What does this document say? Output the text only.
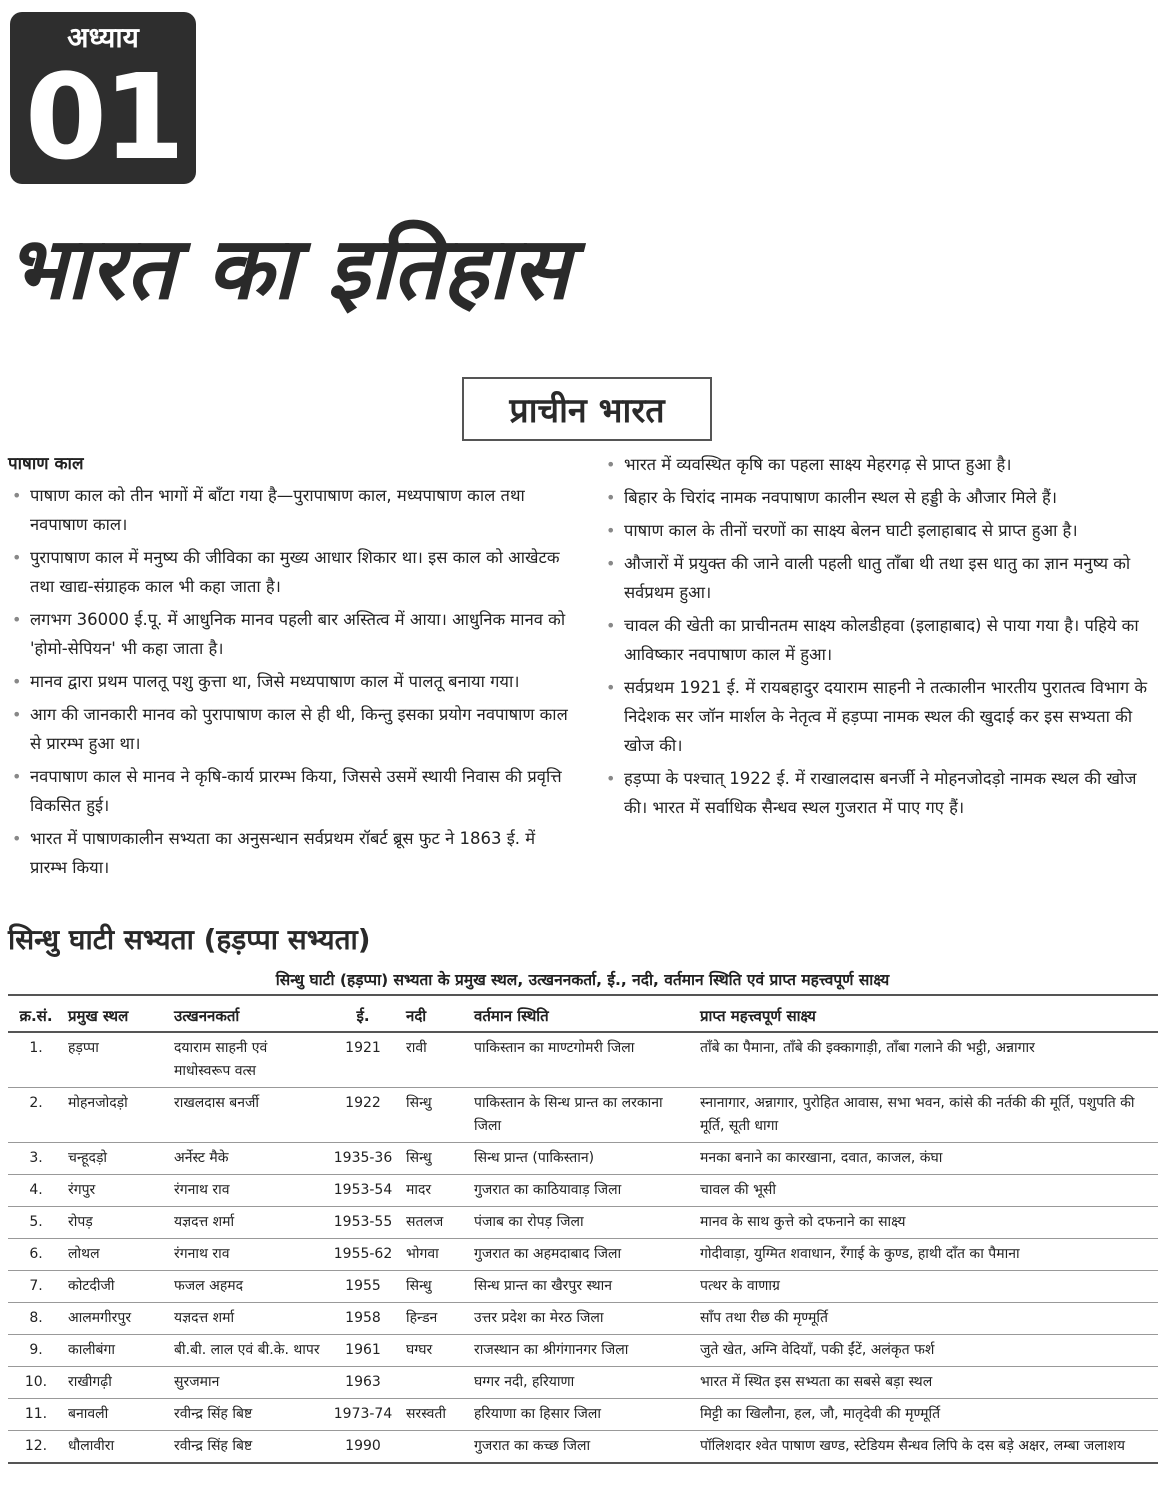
अध्याय
01
भारत का इतिहास
प्राचीन भारत
पाषाण काल
• पाषाण काल को तीन भागों में बाँटा गया है—पुरापाषाण काल, मध्यपाषाण काल तथा नवपाषाण काल।
• पुरापाषाण काल में मनुष्य की जीविका का मुख्य आधार शिकार था। इस काल को आखेटक तथा खाद्य-संग्राहक काल भी कहा जाता है।
• लगभग 36000 ई.पू. में आधुनिक मानव पहली बार अस्तित्व में आया। आधुनिक मानव को 'होमो-सेपियन' भी कहा जाता है।
• मानव द्वारा प्रथम पालतू पशु कुत्ता था, जिसे मध्यपाषाण काल में पालतू बनाया गया।
• आग की जानकारी मानव को पुरापाषाण काल से ही थी, किन्तु इसका प्रयोग नवपाषाण काल से प्रारम्भ हुआ था।
• नवपाषाण काल से मानव ने कृषि-कार्य प्रारम्भ किया, जिससे उसमें स्थायी निवास की प्रवृत्ति विकसित हुई।
• भारत में पाषाणकालीन सभ्यता का अनुसन्धान सर्वप्रथम रॉबर्ट ब्रूस फुट ने 1863 ई. में प्रारम्भ किया।
• भारत में व्यवस्थित कृषि का पहला साक्ष्य मेहरगढ़ से प्राप्त हुआ है।
• बिहार के चिरांद नामक नवपाषाण कालीन स्थल से हड्डी के औजार मिले हैं।
• पाषाण काल के तीनों चरणों का साक्ष्य बेलन घाटी इलाहाबाद से प्राप्त हुआ है।
• औजारों में प्रयुक्त की जाने वाली पहली धातु ताँबा थी तथा इस धातु का ज्ञान मनुष्य को सर्वप्रथम हुआ।
• चावल की खेती का प्राचीनतम साक्ष्य कोलडीहवा (इलाहाबाद) से पाया गया है। पहिये का आविष्कार नवपाषाण काल में हुआ।
• सर्वप्रथम 1921 ई. में रायबहादुर दयाराम साहनी ने तत्कालीन भारतीय पुरातत्व विभाग के निदेशक सर जॉन मार्शल के नेतृत्व में हड़प्पा नामक स्थल की खुदाई कर इस सभ्यता की खोज की।
• हड़प्पा के पश्चात् 1922 ई. में राखालदास बनर्जी ने मोहनजोदड़ो नामक स्थल की खोज की। भारत में सर्वाधिक सैन्धव स्थल गुजरात में पाए गए हैं।
सिन्धु घाटी सभ्यता (हड़प्पा सभ्यता)
सिन्धु घाटी (हड़प्पा) सभ्यता के प्रमुख स्थल, उत्खननकर्ता, ई., नदी, वर्तमान स्थिति एवं प्राप्त महत्त्वपूर्ण साक्ष्य
क्र.सं.	प्रमुख स्थल	उत्खननकर्ता	ई.	नदी	वर्तमान स्थिति	प्राप्त महत्त्वपूर्ण साक्ष्य
1.	हड़प्पा	दयाराम साहनी एवं माधोस्वरूप वत्स	1921	रावी	पाकिस्तान का माण्टगोमरी जिला	ताँबे का पैमाना, ताँबे की इक्कागाड़ी, ताँबा गलाने की भट्ठी, अन्नागार
2.	मोहनजोदड़ो	राखलदास बनर्जी	1922	सिन्धु	पाकिस्तान के सिन्ध प्रान्त का लरकाना जिला	स्नानागार, अन्नागार, पुरोहित आवास, सभा भवन, कांसे की नर्तकी की मूर्ति, पशुपति की मूर्ति, सूती धागा
3.	चन्हूदड़ो	अर्नेस्ट मैके	1935-36	सिन्धु	सिन्ध प्रान्त (पाकिस्तान)	मनका बनाने का कारखाना, दवात, काजल, कंघा
4.	रंगपुर	रंगनाथ राव	1953-54	मादर	गुजरात का काठियावाड़ जिला	चावल की भूसी
5.	रोपड़	यज्ञदत्त शर्मा	1953-55	सतलज	पंजाब का रोपड़ जिला	मानव के साथ कुत्ते को दफनाने का साक्ष्य
6.	लोथल	रंगनाथ राव	1955-62	भोगवा	गुजरात का अहमदाबाद जिला	गोदीवाड़ा, युग्मित शवाधान, रँगाई के कुण्ड, हाथी दाँत का पैमाना
7.	कोटदीजी	फजल अहमद	1955	सिन्धु	सिन्ध प्रान्त का खैरपुर स्थान	पत्थर के वाणाग्र
8.	आलमगीरपुर	यज्ञदत्त शर्मा	1958	हिन्डन	उत्तर प्रदेश का मेरठ जिला	साँप तथा रीछ की मृण्मूर्ति
9.	कालीबंगा	बी.बी. लाल एवं बी.के. थापर	1961	घग्घर	राजस्थान का श्रीगंगानगर जिला	जुते खेत, अग्नि वेदियाँ, पकी ईंटें, अलंकृत फर्श
10.	राखीगढ़ी	सुरजमान	1963		घग्गर नदी, हरियाणा	भारत में स्थित इस सभ्यता का सबसे बड़ा स्थल
11.	बनावली	रवीन्द्र सिंह बिष्ट	1973-74	सरस्वती	हरियाणा का हिसार जिला	मिट्टी का खिलौना, हल, जौ, मातृदेवी की मृण्मूर्ति
12.	धौलावीरा	रवीन्द्र सिंह बिष्ट	1990		गुजरात का कच्छ जिला	पॉलिशदार श्वेत पाषाण खण्ड, स्टेडियम सैन्धव लिपि के दस बड़े अक्षर, लम्बा जलाशय
